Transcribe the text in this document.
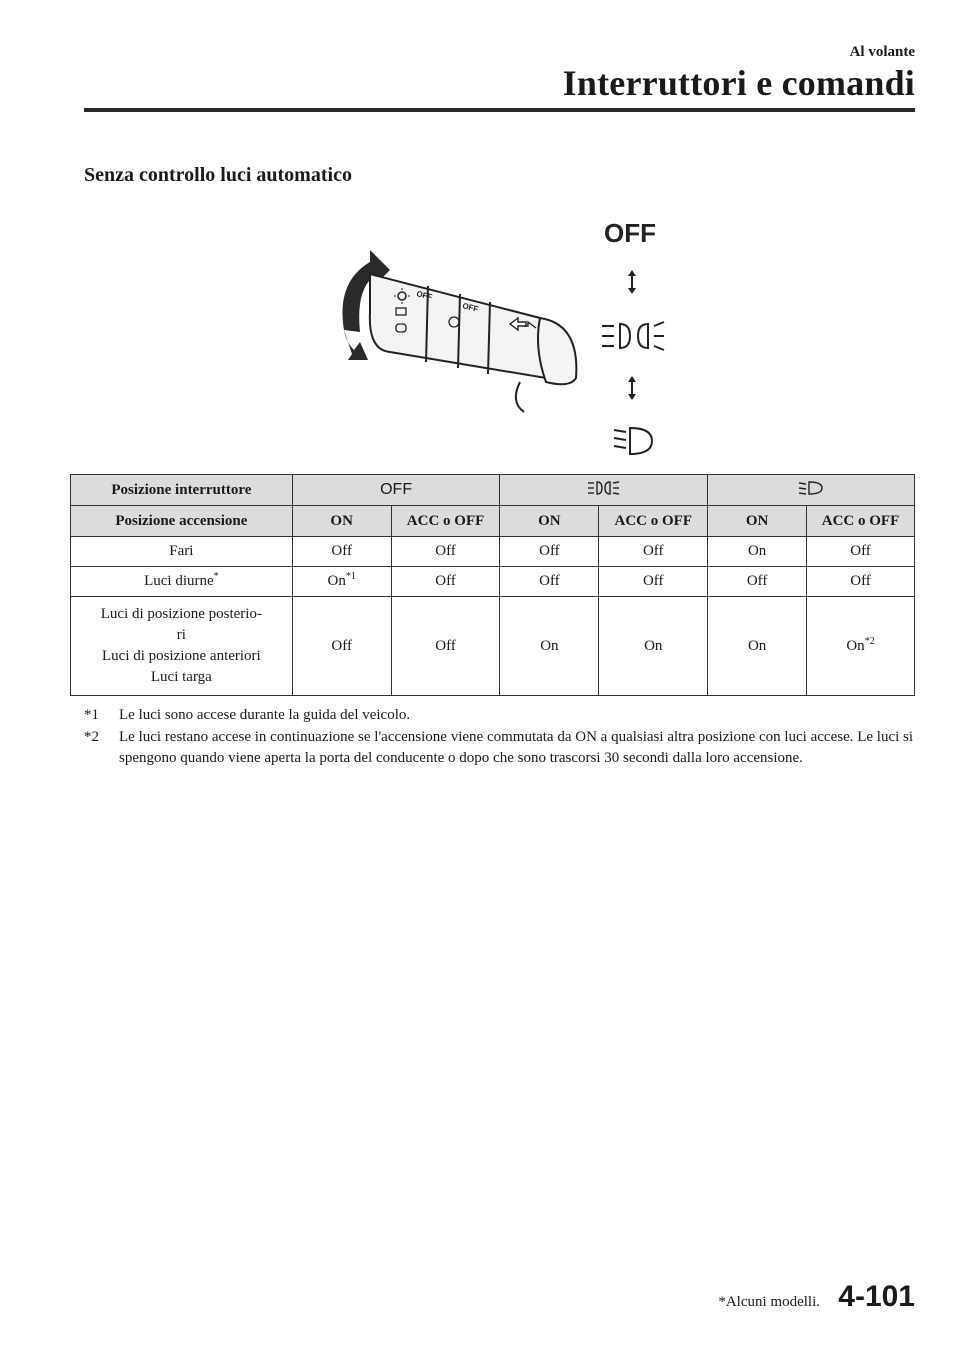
Al volante
Interruttori e comandi
Senza controllo luci automatico
OFF
OFF
OFF
Posizione interruttore	OFF		
Posizione accensione	ON	ACC o OFF	ON	ACC o OFF	ON	ACC o OFF
Fari	Off	Off	Off	Off	On	Off
Luci diurne*	On$^{*1}$	Off	Off	Off	Off	Off

Luci di posizione posterio-
ri
Luci di posizione anteriori
Luci targa	Off	Off	On	On	On	On$^{*2}$
*1 Le luci sono accese durante la guida del veicolo.
*2 Le luci restano accese in continuazione se l'accensione viene commutata da ON a qualsiasi altra posizione con luci accese. Le luci si spengono quando viene aperta la porta del conducente o dopo che sono trascorsi 30 secondi dalla loro accensione.
*Alcuni modelli. 4-101
